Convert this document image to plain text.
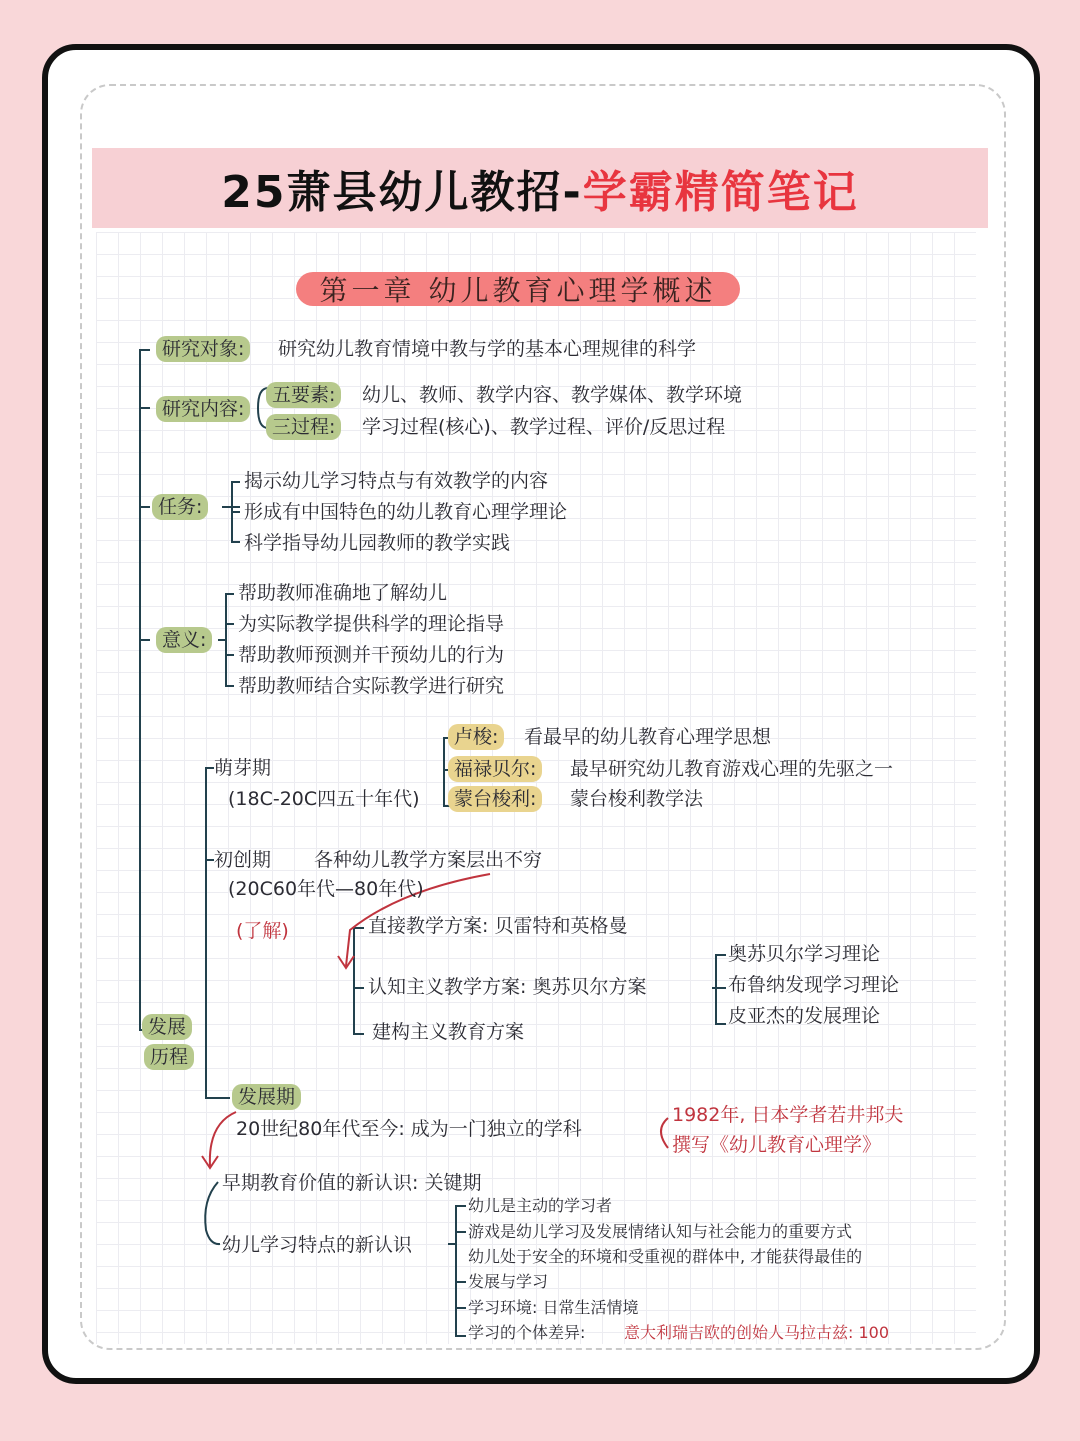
25萧县幼儿教招- 学霸精简笔记
第一章 幼儿教育心理学概述
研究对象:	研究幼儿教育情境中教与学的基本心理规律的科学
研究内容:
五要素:	幼儿、教师、教学内容、教学媒体、教学环境
三过程:	学习过程(核心)、教学过程、评价/反思过程
任务:
揭示幼儿学习特点与有效教学的内容
形成有中国特色的幼儿教育心理学理论
科学指导幼儿园教师的教学实践
意义:
帮助教师准确地了解幼儿
为实际教学提供科学的理论指导
帮助教师预测并干预幼儿的行为
帮助教师结合实际教学进行研究
发展
历程
萌芽期
(18C-20C四五十年代)
卢梭:	看最早的幼儿教育心理学思想
福禄贝尔:	最早研究幼儿教育游戏心理的先驱之一
蒙台梭利:	蒙台梭利教学法
初创期 各种幼儿教学方案层出不穷
(20C60年代—80年代)
(了解)	直接教学方案: 贝雷特和英格曼
认知主义教学方案: 奥苏贝尔方案
建构主义教育方案
奥苏贝尔学习理论
布鲁纳发现学习理论
皮亚杰的发展理论
发展期
20世纪80年代至今: 成为一门独立的学科
1982年, 日本学者若井邦夫
撰写《幼儿教育心理学》
早期教育价值的新认识: 关键期
幼儿学习特点的新认识
幼儿是主动的学习者
游戏是幼儿学习及发展情绪认知与社会能力的重要方式
幼儿处于安全的环境和受重视的群体中, 才能获得最佳的
发展与学习
学习环境: 日常生活情境
学习的个体差异: 意大利瑞吉欧的创始人马拉古兹: 100
